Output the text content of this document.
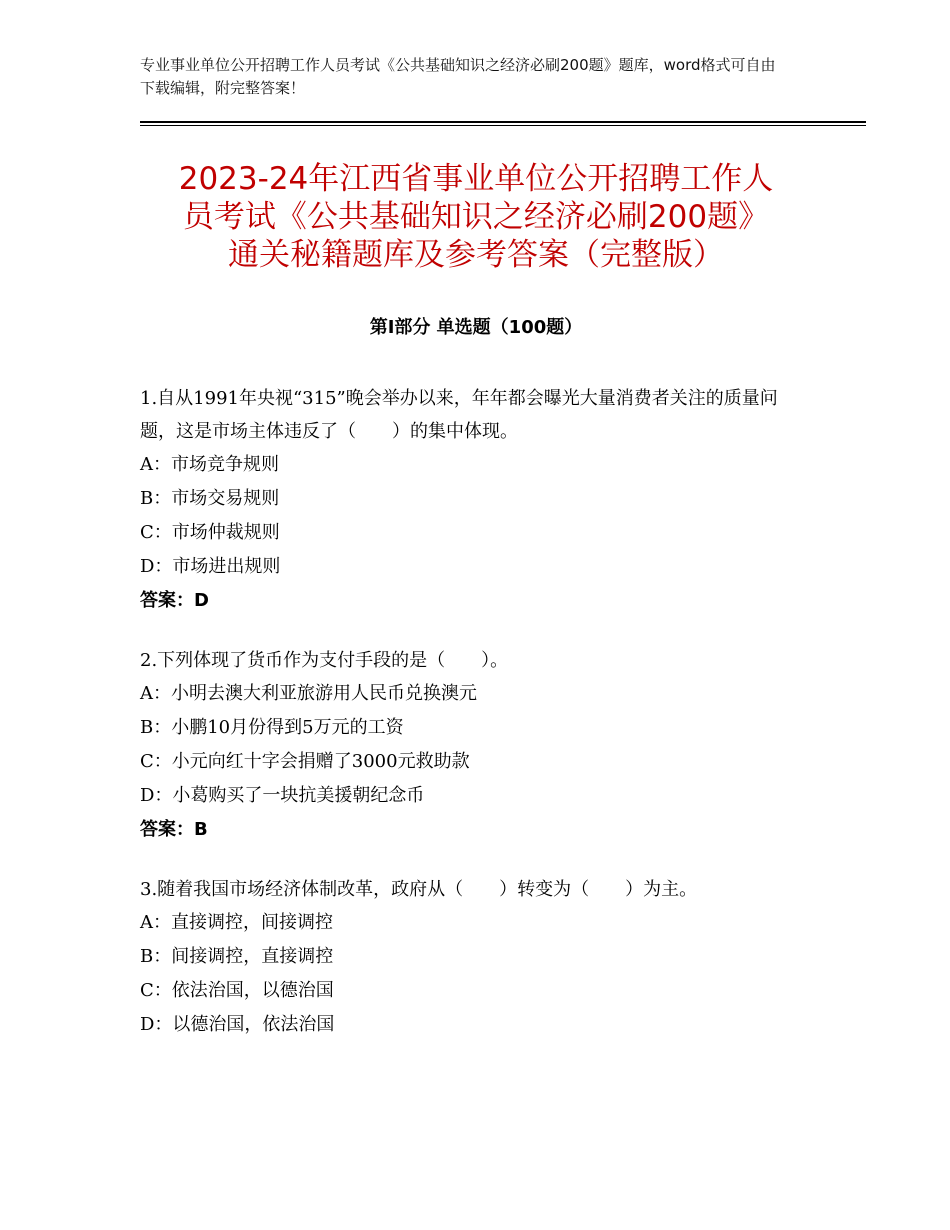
专业事业单位公开招聘工作人员考试《公共基础知识之经济必刷200题》题库，word格式可自由下载编辑，附完整答案！
2023-24年江西省事业单位公开招聘工作人
员考试《公共基础知识之经济必刷200题》
通关秘籍题库及参考答案（完整版）
第Ⅰ部分 单选题（100题）

1.自从1991年央视“315”晚会举办以来，年年都会曝光大量消费者关注的质量问题，这是市场主体违反了（　　）的集中体现。

A：市场竞争规则

B：市场交易规则

C：市场仲裁规则

D：市场进出规则

答案：D

2.下列体现了货币作为支付手段的是（　　）。

A：小明去澳大利亚旅游用人民币兑换澳元

B：小鹏10月份得到5万元的工资

C：小元向红十字会捐赠了3000元救助款

D：小葛购买了一块抗美援朝纪念币

答案：B

3.随着我国市场经济体制改革，政府从（　　）转变为（　　）为主。

A：直接调控，间接调控

B：间接调控，直接调控

C：依法治国，以德治国

D：以德治国，依法治国
